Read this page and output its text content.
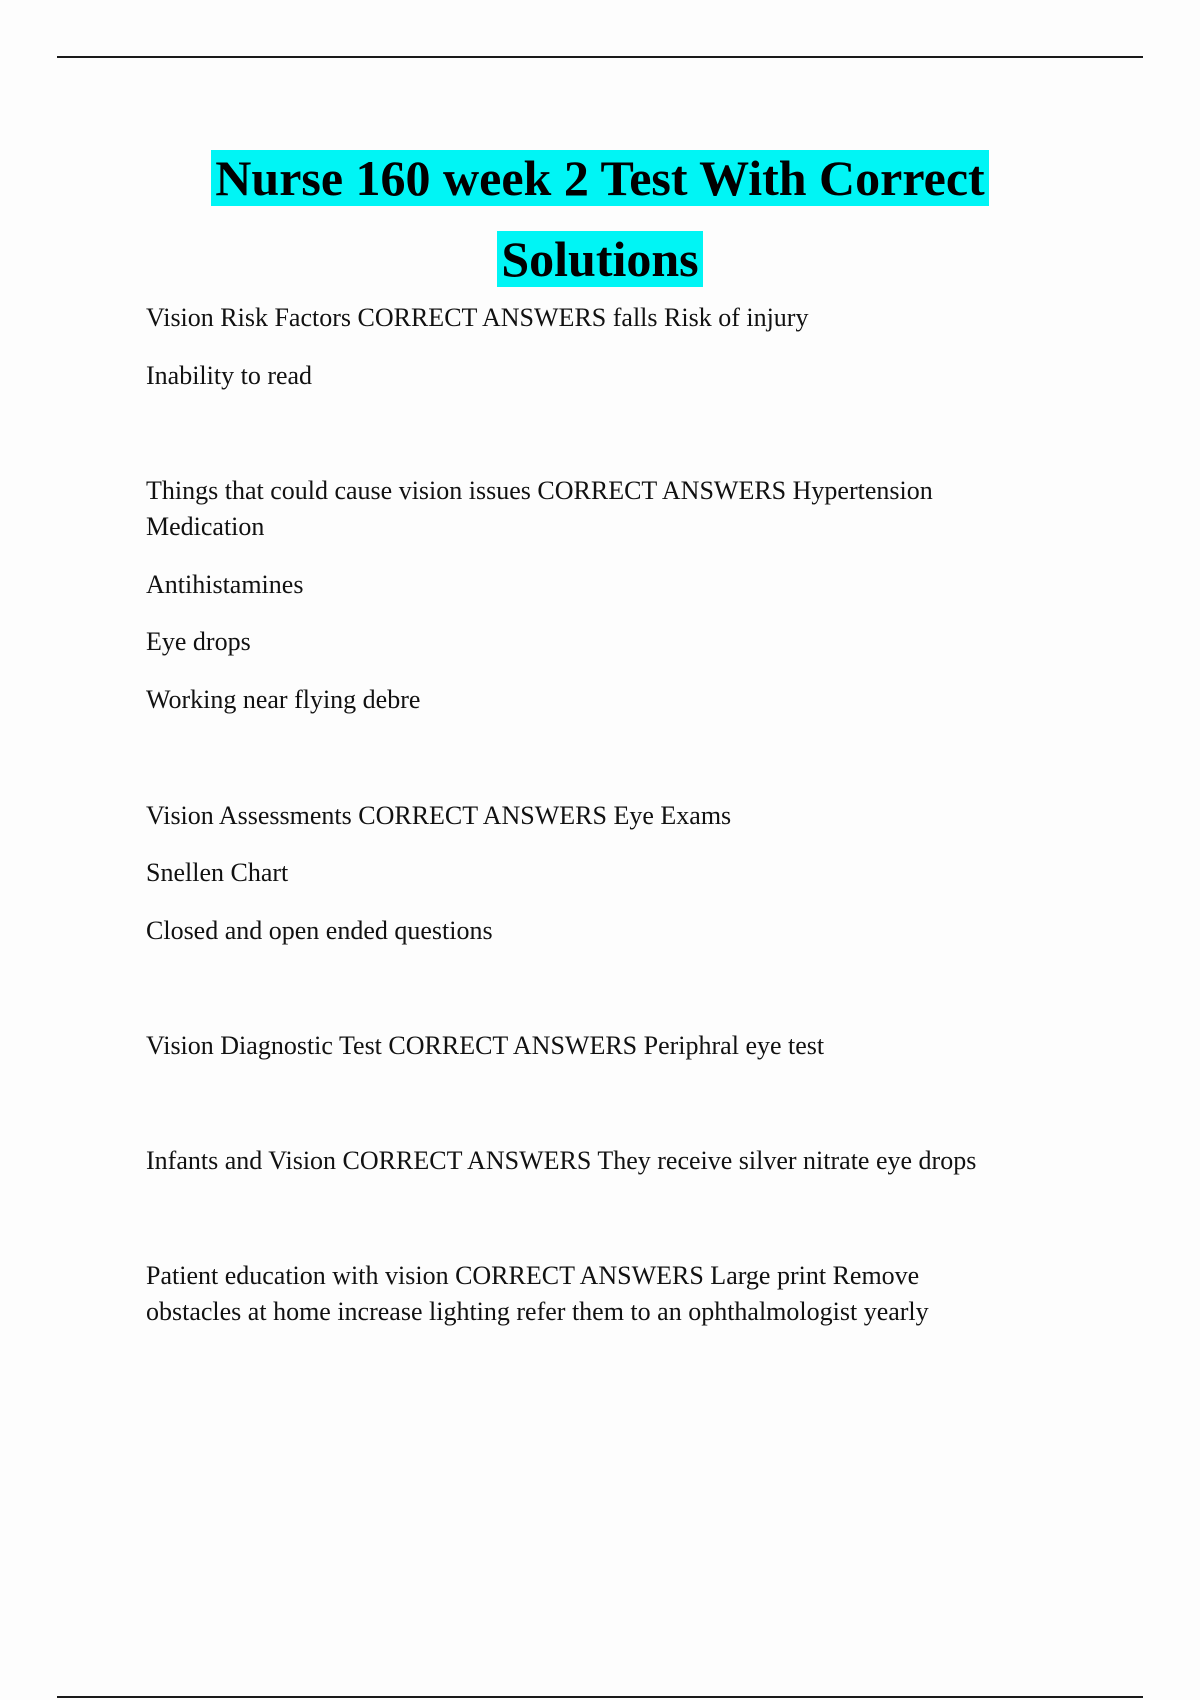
Nurse 160 week 2 Test With Correct
Solutions
Vision Risk Factors CORRECT ANSWERS falls Risk of injury
Inability to read
Things that could cause vision issues CORRECT ANSWERS Hypertension
Medication
Antihistamines
Eye drops
Working near flying debre
Vision Assessments CORRECT ANSWERS Eye Exams
Snellen Chart
Closed and open ended questions
Vision Diagnostic Test CORRECT ANSWERS Periphral eye test
Infants and Vision CORRECT ANSWERS They receive silver nitrate eye drops
Patient education with vision CORRECT ANSWERS Large print Remove
obstacles at home increase lighting refer them to an ophthalmologist yearly
